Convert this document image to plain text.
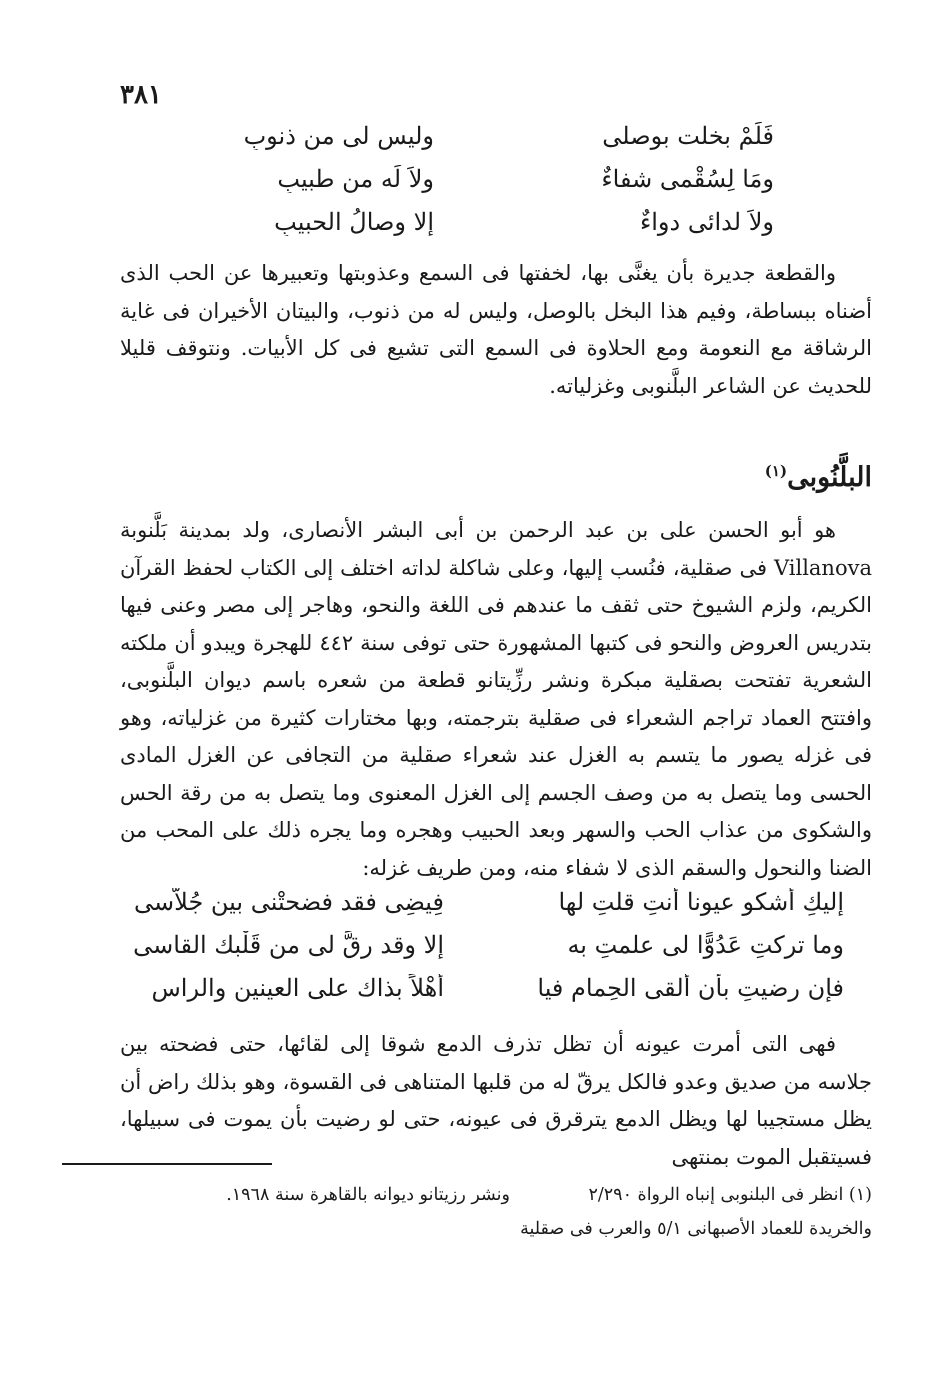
٣٨١
فَلَمْ بخلت بوصلى
وليس لى من ذنوبِ
ومَا لِسُقْمى شفاءٌ
ولاَ لَه من طبيبِ
ولاَ لدائى دواءٌ
إلا وصالُ الحبيبِ

والقطعة جديرة بأن يغنَّى بها، لخفتها فى السمع وعذوبتها وتعبيرها عن الحب الذى أضناه ببساطة، وفيم هذا البخل بالوصل، وليس له من ذنوب، والبيتان الأخيران فى غاية الرشاقة مع النعومة ومع الحلاوة فى السمع التى تشيع فى كل الأبيات. ونتوقف قليلا للحديث عن الشاعر البلَّنوبى وغزلياته.

البلَّنُوبى$^{(١)}$

هو أبو الحسن على بن عبد الرحمن بن أبى البشر الأنصارى، ولد بمدينة بَلَّنوبة Villanova فى صقلية، فنُسب إليها، وعلى شاكلة لداته اختلف إلى الكتاب لحفظ القرآن الكريم، ولزم الشيوخ حتى ثقف ما عندهم فى اللغة والنحو، وهاجر إلى مصر وعنى فيها بتدريس العروض والنحو فى كتبها المشهورة حتى توفى سنة ٤٤٢ للهجرة ويبدو أن ملكته الشعرية تفتحت بصقلية مبكرة ونشر رزِّيتانو قطعة من شعره باسم ديوان البلَّنوبى، وافتتح العماد تراجم الشعراء فى صقلية بترجمته، وبها مختارات كثيرة من غزلياته، وهو فى غزله يصور ما يتسم به الغزل عند شعراء صقلية من التجافى عن الغزل المادى الحسى وما يتصل به من وصف الجسم إلى الغزل المعنوى وما يتصل به من رقة الحس والشكوى من عذاب الحب والسهر وبعد الحبيب وهجره وما يجره ذلك على المحب من الضنا والنحول والسقم الذى لا شفاء منه، ومن طريف غزله:

إليكِ أشكو عيونا أنتِ قلتِ لها
فِيضِى فقد فضحتْنى بين جُلاَّسى
وما تركتِ عَدُوًّا لى علمتِ به
إلا وقد رقَّ لى من قَلْبك القاسى
فإن رضيتِ بأن ألقى الحِمام فيا
أَهْلاً بذاك على العينين والراسِ

فهى التى أمرت عيونه أن تظل تذرف الدمع شوقا إلى لقائها، حتى فضحته بين جلاسه من صديق وعدو فالكل يرقّ له من قلبها المتناهى فى القسوة، وهو بذلك راض أن يظل مستجيبا لها ويظل الدمع يترقرق فى عيونه، حتى لو رضيت بأن يموت فى سبيلها، فسيتقبل الموت بمنتهى

(١) انظر فى البلنوبى إنباه الرواة ٢/٢٩٠
والخريدة للعماد الأصبهانى ٥/١ والعرب فى صقلية
ونشر رزيتانو ديوانه بالقاهرة سنة ١٩٦٨.
